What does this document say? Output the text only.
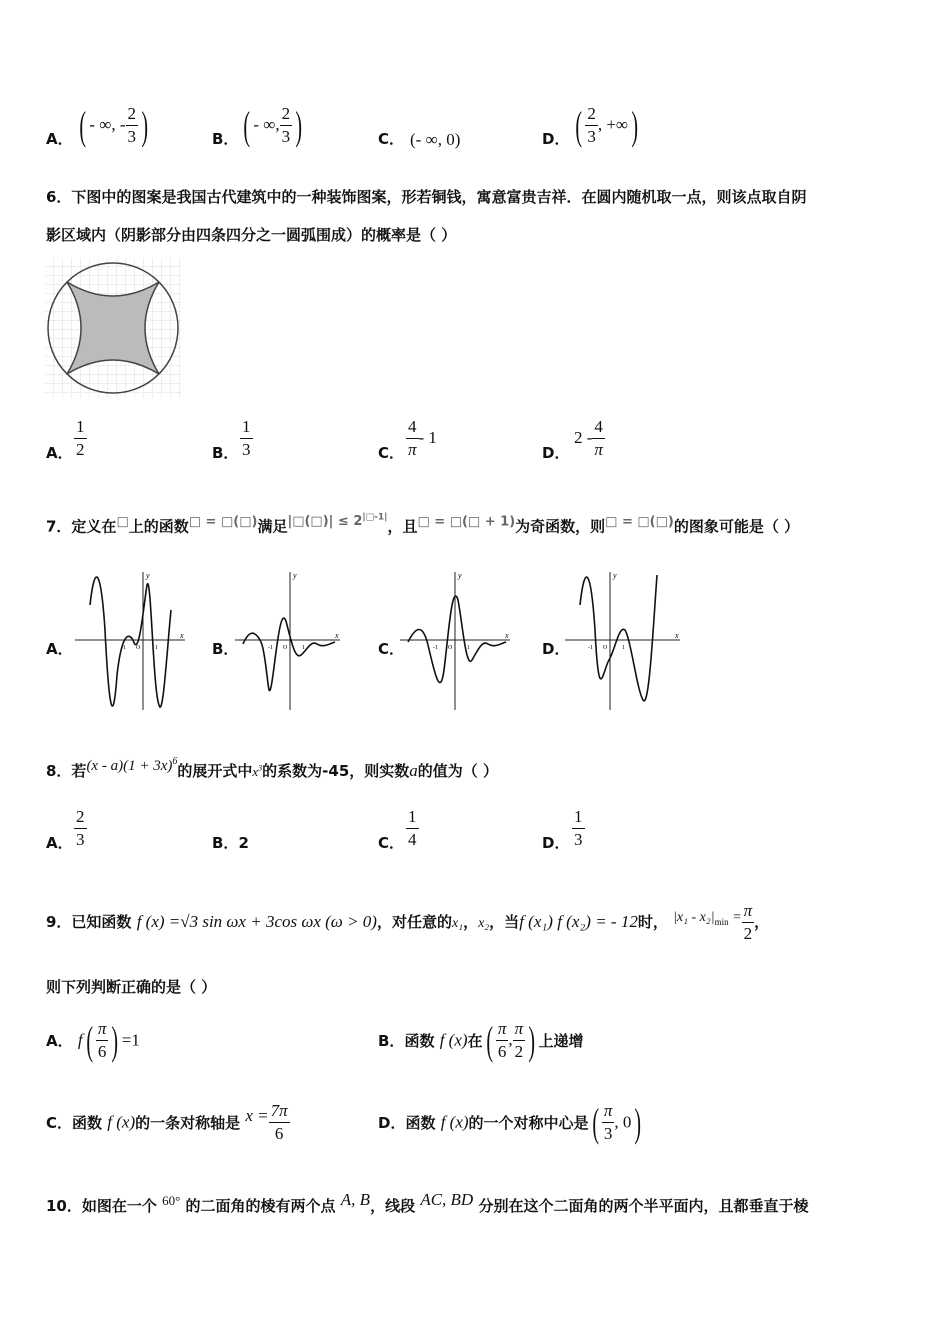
A． ( - ∞, - $\frac{2}{3}$ )	B． ( - ∞, $\frac{2}{3}$ )	C． (- ∞, 0)	D． ( $\frac{2}{3}$ , +∞)
6．下图中的图案是我国古代建筑中的一种装饰图案，形若铜钱，寓意富贵吉祥．在圆内随机取一点，则该点取自阴
影区域内（阴影部分由四条四分之一圆弧围成）的概率是（ ）
A． $\frac{1}{2}$	B． $\frac{1}{3}$	C． $\frac{4}{\pi} - 1$
D．
$2 - \frac{4}{\pi}$
7．定义在□上的函数□ = □(□)满足$^{|□(□)| \le 2^{|□-1|}}$，且$^{□ = □(□ + 1)}$为奇函数，则□ = □(□)的图象可能是（ ）
A．
x
y
O 1
-1	B．
x
y
O 1
-1	C．
x
y
O 1
-1	D．
x
y
O 1
-1
8．若$^{(x - a)(1 + 3x)^6}$的展开式中$x^3$的系数为-45，则实数a的值为（ ）
A． $\frac{2}{3}$	B．2	C． $\frac{1}{4}$	D． $\frac{1}{3}$
9．已知函数 f (x) =√3 sin ωx + 3cos ωx (ω > 0)，对任意的x₁，x₂，当f (x₁) f (x₂) = - 12时， $|x_1 - x_2|_{min} = \frac{\pi}{2}$ ，
则下列判断正确的是（ ）
A． $f( \frac{\pi}{6}$ ) =1	B．函数 f (x)在( $\frac{\pi}{6}$ , $\frac{\pi}{2}$ ) 上递增
C．函数 f (x)的一条对称轴是 $x = \frac{7\pi}{6}$	D．函数 f (x)的一个对称中心是( $\frac{\pi}{3}$ , 0)
10．如图在一个 $^{60^\circ}$ 的二面角的棱有两个点 $^{A, B}$，线段 $^{AC, BD}$ 分别在这个二面角的两个半平面内，且都垂直于棱
